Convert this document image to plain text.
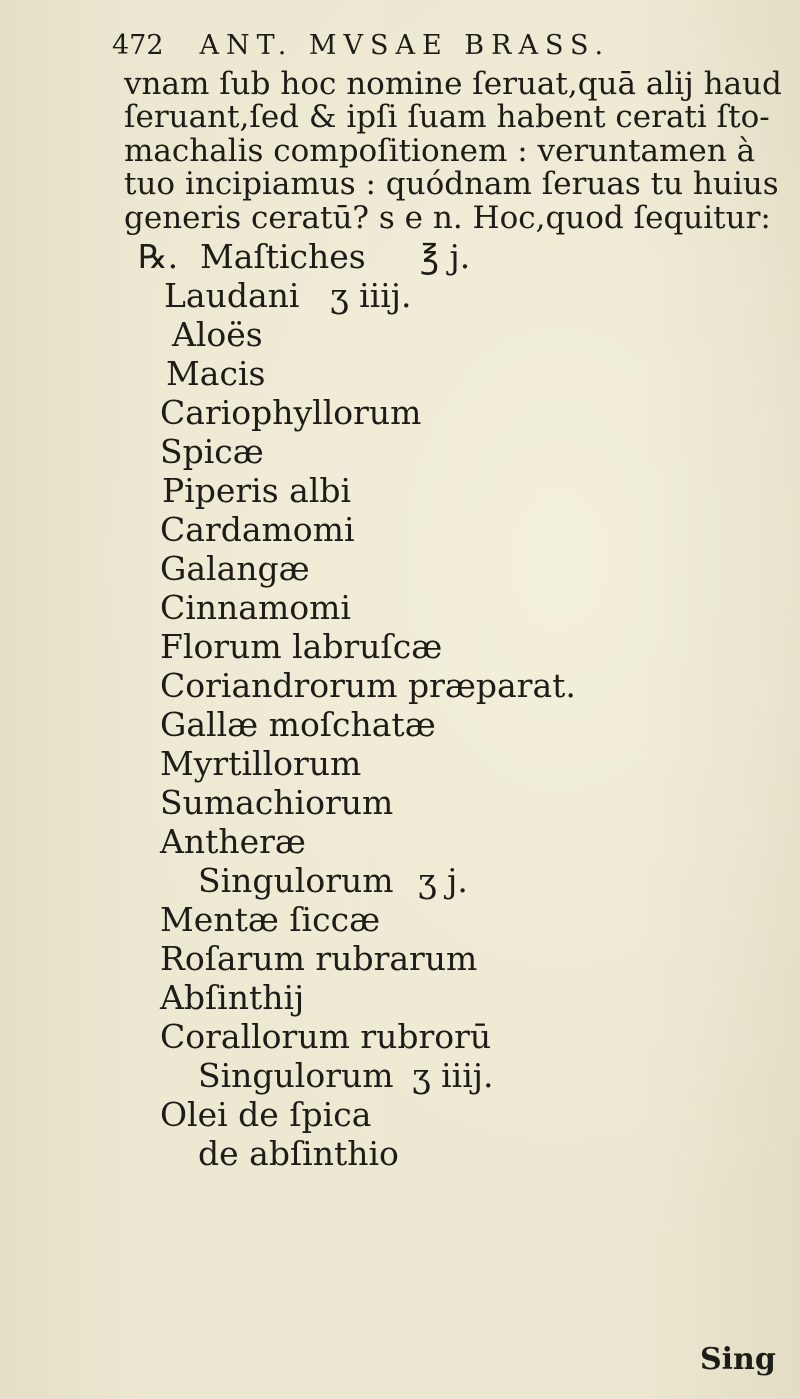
472 ANT. MVSAE BRASS.
vnam ſub hoc nomine ſeruat,quā alij haud
ſeruant,ſed & ipſi ſuam habent cerati ſto-
machalis compoſitionem : veruntamen à
tuo incipiamus : quódnam ſeruas tu huius
generis ceratū? s e n. Hoc,quod ſequitur:
℞. Maſtiches ℥ j.
Laudani ʒ iiij.
Aloës
Macis
Cariophyllorum
Spicæ
Piperis albi
Cardamomi
Galangæ
Cinnamomi
Florum labruſcæ
Coriandrorum præparat.
Gallæ moſchatæ
Myrtillorum
Sumachiorum
Antheræ
Singulorum ʒ j.
Mentæ ſiccæ
Roſarum rubrarum
Abſinthij
Corallorum rubrorū
Singulorum ʒ iiij.
Olei de ſpica
de abſinthio
Sing
